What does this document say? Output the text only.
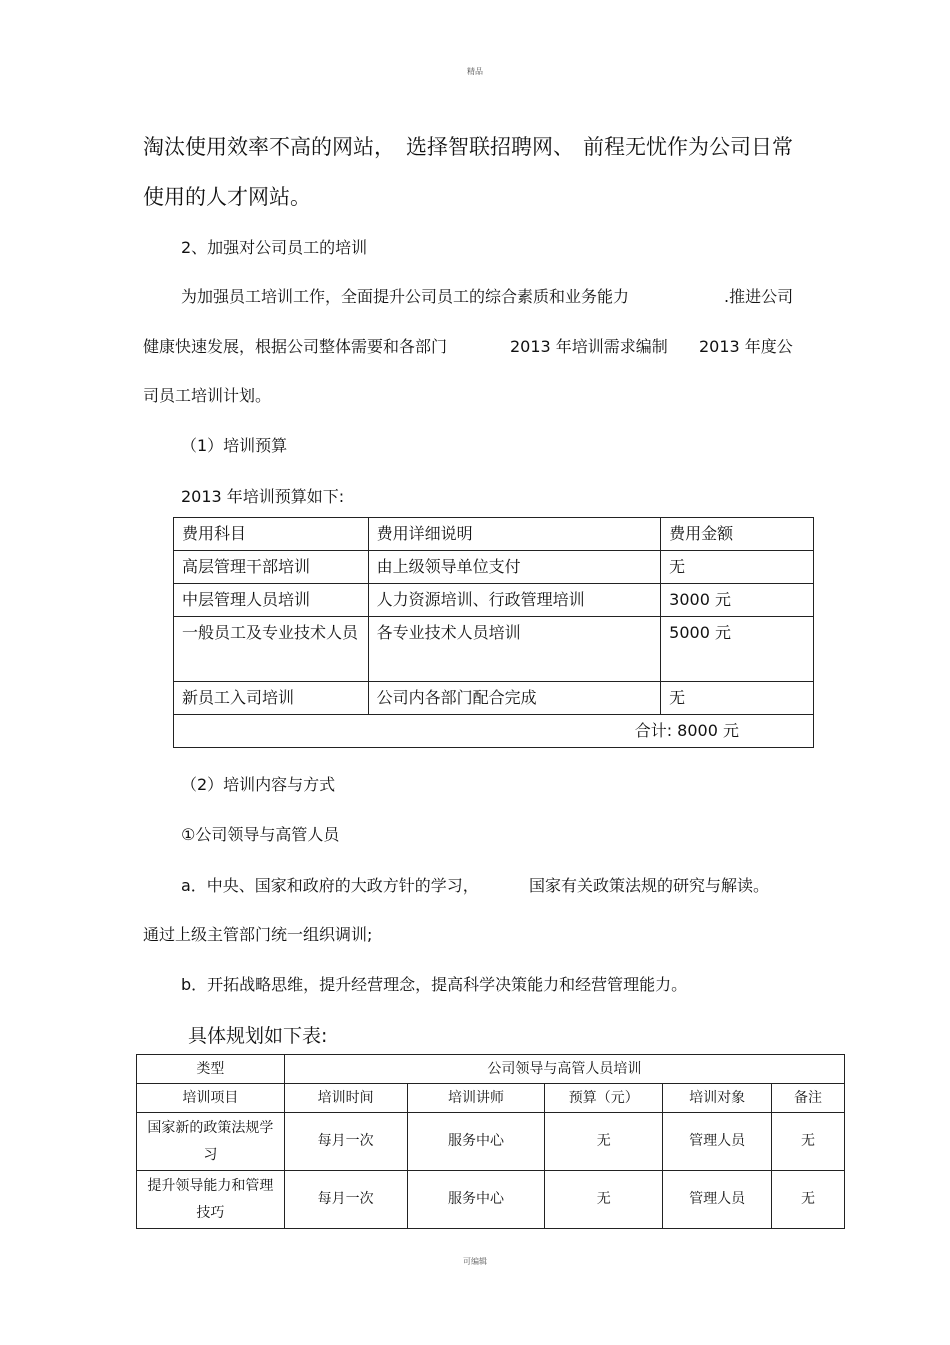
精品
淘汰使用效率不高的网站， 选择智联招聘网、 前程无忧作为公司日常
使用的人才网站。
2、加强对公司员工的培训
为加强员工培训工作，全面提升公司员工的综合素质和业务能力	.推进公司
健康快速发展，根据公司整体需要和各部门	2013 年培训需求编制 2013 年度公
司员工培训计划。
（1）培训预算
2013 年培训预算如下:
费用科目	费用详细说明	费用金额
高层管理干部培训	由上级领导单位支付	无
中层管理人员培训	人力资源培训、行政管理培训	3000 元
一般员工及专业技术人员	各专业技术人员培训	5000 元
新员工入司培训	公司内各部门配合完成	无
合计: 8000 元		
（2）培训内容与方式
①公司领导与高管人员
a．中央、国家和政府的大政方针的学习，	国家有关政策法规的研究与解读。
通过上级主管部门统一组织调训;
b．开拓战略思维，提升经营理念，提高科学决策能力和经营管理能力。
具体规划如下表:
类型	公司领导与高管人员培训				
培训项目	培训时间	培训讲师	预算（元）	培训对象	备注
国家新的政策法规学习	每月一次	服务中心	无	管理人员	无
提升领导能力和管理技巧	每月一次	服务中心	无	管理人员	无
可编辑
